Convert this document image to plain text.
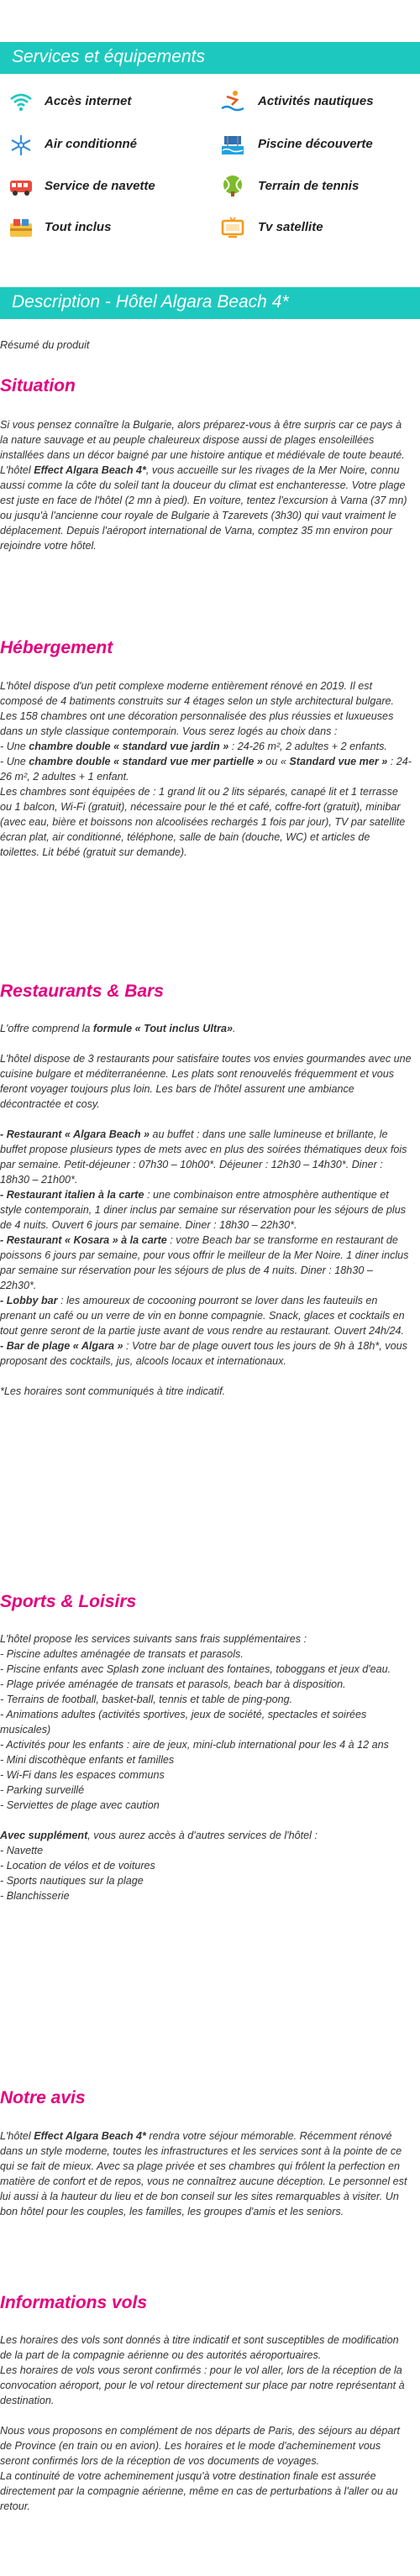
Services et équipements
Accès internet	Activités nautiques
Air conditionné	Piscine découverte
Service de navette	Terrain de tennis
Tout inclus	Tv satellite
Description - Hôtel Algara Beach 4*
Résumé du produit
Situation
Si vous pensez connaître la Bulgarie, alors préparez-vous à être surpris car ce pays à la nature sauvage et au peuple chaleureux dispose aussi de plages ensoleillées installées dans un décor baigné par une histoire antique et médiévale de toute beauté. L'hôtel Effect Algara Beach 4*, vous accueille sur les rivages de la Mer Noire, connu aussi comme la côte du soleil tant la douceur du climat est enchanteresse. Votre plage est juste en face de l'hôtel (2 mn à pied). En voiture, tentez l'excursion à Varna (37 mn) ou jusqu'à l'ancienne cour royale de Bulgarie à Tzarevets (3h30) qui vaut vraiment le déplacement. Depuis l'aéroport international de Varna, comptez 35 mn environ pour rejoindre votre hôtel.
Hébergement
L'hôtel dispose d'un petit complexe moderne entièrement rénové en 2019. Il est composé de 4 batiments construits sur 4 étages selon un style architectural bulgare. Les 158 chambres ont une décoration personnalisée des plus réussies et luxueuses dans un style classique contemporain. Vous serez logés au choix dans :
- Une chambre double « standard vue jardin » : 24-26 m², 2 adultes + 2 enfants.
- Une chambre double « standard vue mer partielle » ou « Standard vue mer » : 24-26 m², 2 adultes + 1 enfant.
Les chambres sont équipées de : 1 grand lit ou 2 lits séparés, canapé lit et 1 terrasse ou 1 balcon, Wi-Fi (gratuit), nécessaire pour le thé et café, coffre-fort (gratuit), minibar (avec eau, bière et boissons non alcoolisées rechargés 1 fois par jour), TV par satellite écran plat, air conditionné, téléphone, salle de bain (douche, WC) et articles de toilettes. Lit bébé (gratuit sur demande).
Restaurants & Bars
L'offre comprend la formule « Tout inclus Ultra».

L'hôtel dispose de 3 restaurants pour satisfaire toutes vos envies gourmandes avec une cuisine bulgare et méditerranéenne. Les plats sont renouvelés fréquemment et vous feront voyager toujours plus loin. Les bars de l'hôtel assurent une ambiance décontractée et cosy.

- Restaurant « Algara Beach » au buffet : dans une salle lumineuse et brillante, le buffet propose plusieurs types de mets avec en plus des soirées thématiques deux fois par semaine. Petit-déjeuner : 07h30 – 10h00*. Déjeuner : 12h30 – 14h30*. Diner : 18h30 – 21h00*.
- Restaurant italien à la carte : une combinaison entre atmosphère authentique et style contemporain, 1 diner inclus par semaine sur réservation pour les séjours de plus de 4 nuits. Ouvert 6 jours par semaine. Diner : 18h30 – 22h30*.
- Restaurant « Kosara » à la carte : votre Beach bar se transforme en restaurant de poissons 6 jours par semaine, pour vous offrir le meilleur de la Mer Noire. 1 diner inclus par semaine sur réservation pour les séjours de plus de 4 nuits. Diner : 18h30 – 22h30*.
- Lobby bar : les amoureux de cocooning pourront se lover dans les fauteuils en prenant un café ou un verre de vin en bonne compagnie. Snack, glaces et cocktails en tout genre seront de la partie juste avant de vous rendre au restaurant. Ouvert 24h/24.
- Bar de plage « Algara » : Votre bar de plage ouvert tous les jours de 9h à 18h*, vous proposant des cocktails, jus, alcools locaux et internationaux.

*Les horaires sont communiqués à titre indicatif.
Sports & Loisirs
L'hôtel propose les services suivants sans frais supplémentaires :
- Piscine adultes aménagée de transats et parasols.
- Piscine enfants avec Splash zone incluant des fontaines, toboggans et jeux d'eau.
- Plage privée aménagée de transats et parasols, beach bar à disposition.
- Terrains de football, basket-ball, tennis et table de ping-pong.
- Animations adultes (activités sportives, jeux de société, spectacles et soirées musicales)
- Activités pour les enfants : aire de jeux, mini-club international pour les 4 à 12 ans
- Mini discothèque enfants et familles
- Wi-Fi dans les espaces communs
- Parking surveillé
- Serviettes de plage avec caution

Avec supplément, vous aurez accès à d'autres services de l'hôtel :
- Navette
- Location de vélos et de voitures
- Sports nautiques sur la plage
- Blanchisserie
Notre avis
L'hôtel Effect Algara Beach 4* rendra votre séjour mémorable. Récemment rénové dans un style moderne, toutes les infrastructures et les services sont à la pointe de ce qui se fait de mieux. Avec sa plage privée et ses chambres qui frôlent la perfection en matière de confort et de repos, vous ne connaîtrez aucune déception. Le personnel est lui aussi à la hauteur du lieu et de bon conseil sur les sites remarquables à visiter. Un bon hôtel pour les couples, les familles, les groupes d'amis et les seniors.
Informations vols
Les horaires des vols sont donnés à titre indicatif et sont susceptibles de modification de la part de la compagnie aérienne ou des autorités aéroportuaires.
Les horaires de vols vous seront confirmés : pour le vol aller, lors de la réception de la convocation aéroport, pour le vol retour directement sur place par notre représentant à destination.

Nous vous proposons en complément de nos départs de Paris, des séjours au départ de Province (en train ou en avion). Les horaires et le mode d'acheminement vous seront confirmés lors de la réception de vos documents de voyages.
La continuité de votre acheminement jusqu'à votre destination finale est assurée directement par la compagnie aérienne, même en cas de perturbations à l'aller ou au retour.
